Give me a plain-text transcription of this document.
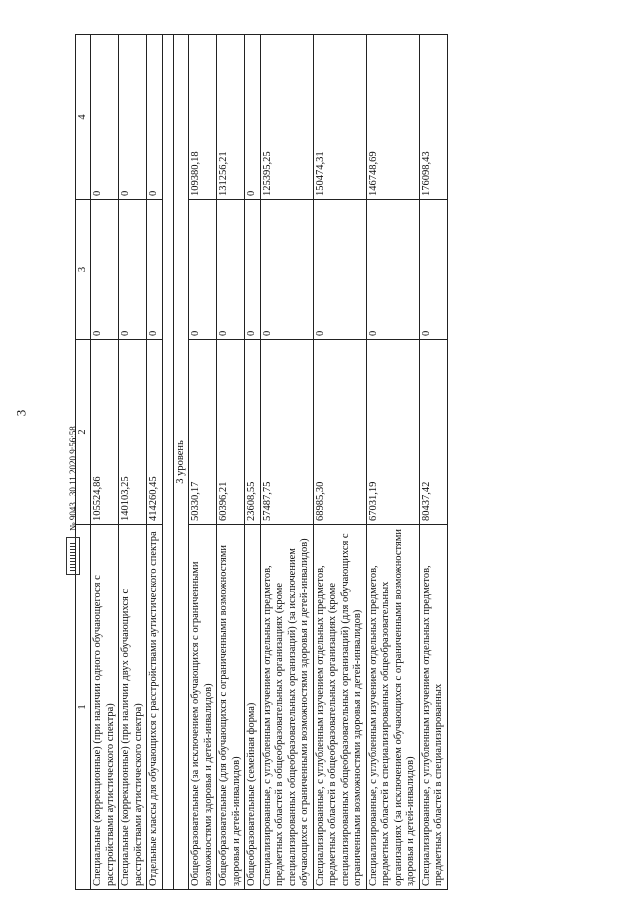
3
1	2	3	4
Специальные (коррекционные) (при наличии одного обучающегося с расстройствами аутистического спектра)	105524,86	0	0
Специальные (коррекционные) (при наличии двух обучающихся с расстройствами аутистического спектра)	140103,25	0	0
Отдельные классы для обучающихся с расстройствами аутистического спектра	414260,45	0	0

3 уровень			
Общеобразовательные (за исключением обучающихся с ограниченными возможностями здоровья и детей-инвалидов)	50330,17	0	109380,18
Общеобразовательные (для обучающихся с ограниченными возможностями здоровья и детей-инвалидов)	60396,21	0	131256,21
Общеобразовательные (семейная форма)	23608,55	0	0
Специализированные, с углубленным изучением отдельных предметов, предметных областей в общеобразовательных организациях (кроме специализированных общеобразовательных организаций) (за исключением обучающихся с ограниченными возможностями здоровья и детей-инвалидов)	57487,75	0	125395,25
Специализированные, с углубленным изучением отдельных предметов, предметных областей в общеобразовательных организациях (кроме специализированных общеобразовательных организаций) (для обучающихся с ограниченными возможностями здоровья и детей-инвалидов)	68985,30	0	150474,31
Специализированные, с углубленным изучением отдельных предметов, предметных областей в специализированных общеобразовательных организациях (за исключением обучающихся с ограниченными возможностями здоровья и детей-инвалидов)	67031,19	0	146748,69
Специализированные, с углубленным изучением отдельных предметов, предметных областей в специализированных	80437,42	0	176098,43
№ 9043
30.11.2020 9:56:58
